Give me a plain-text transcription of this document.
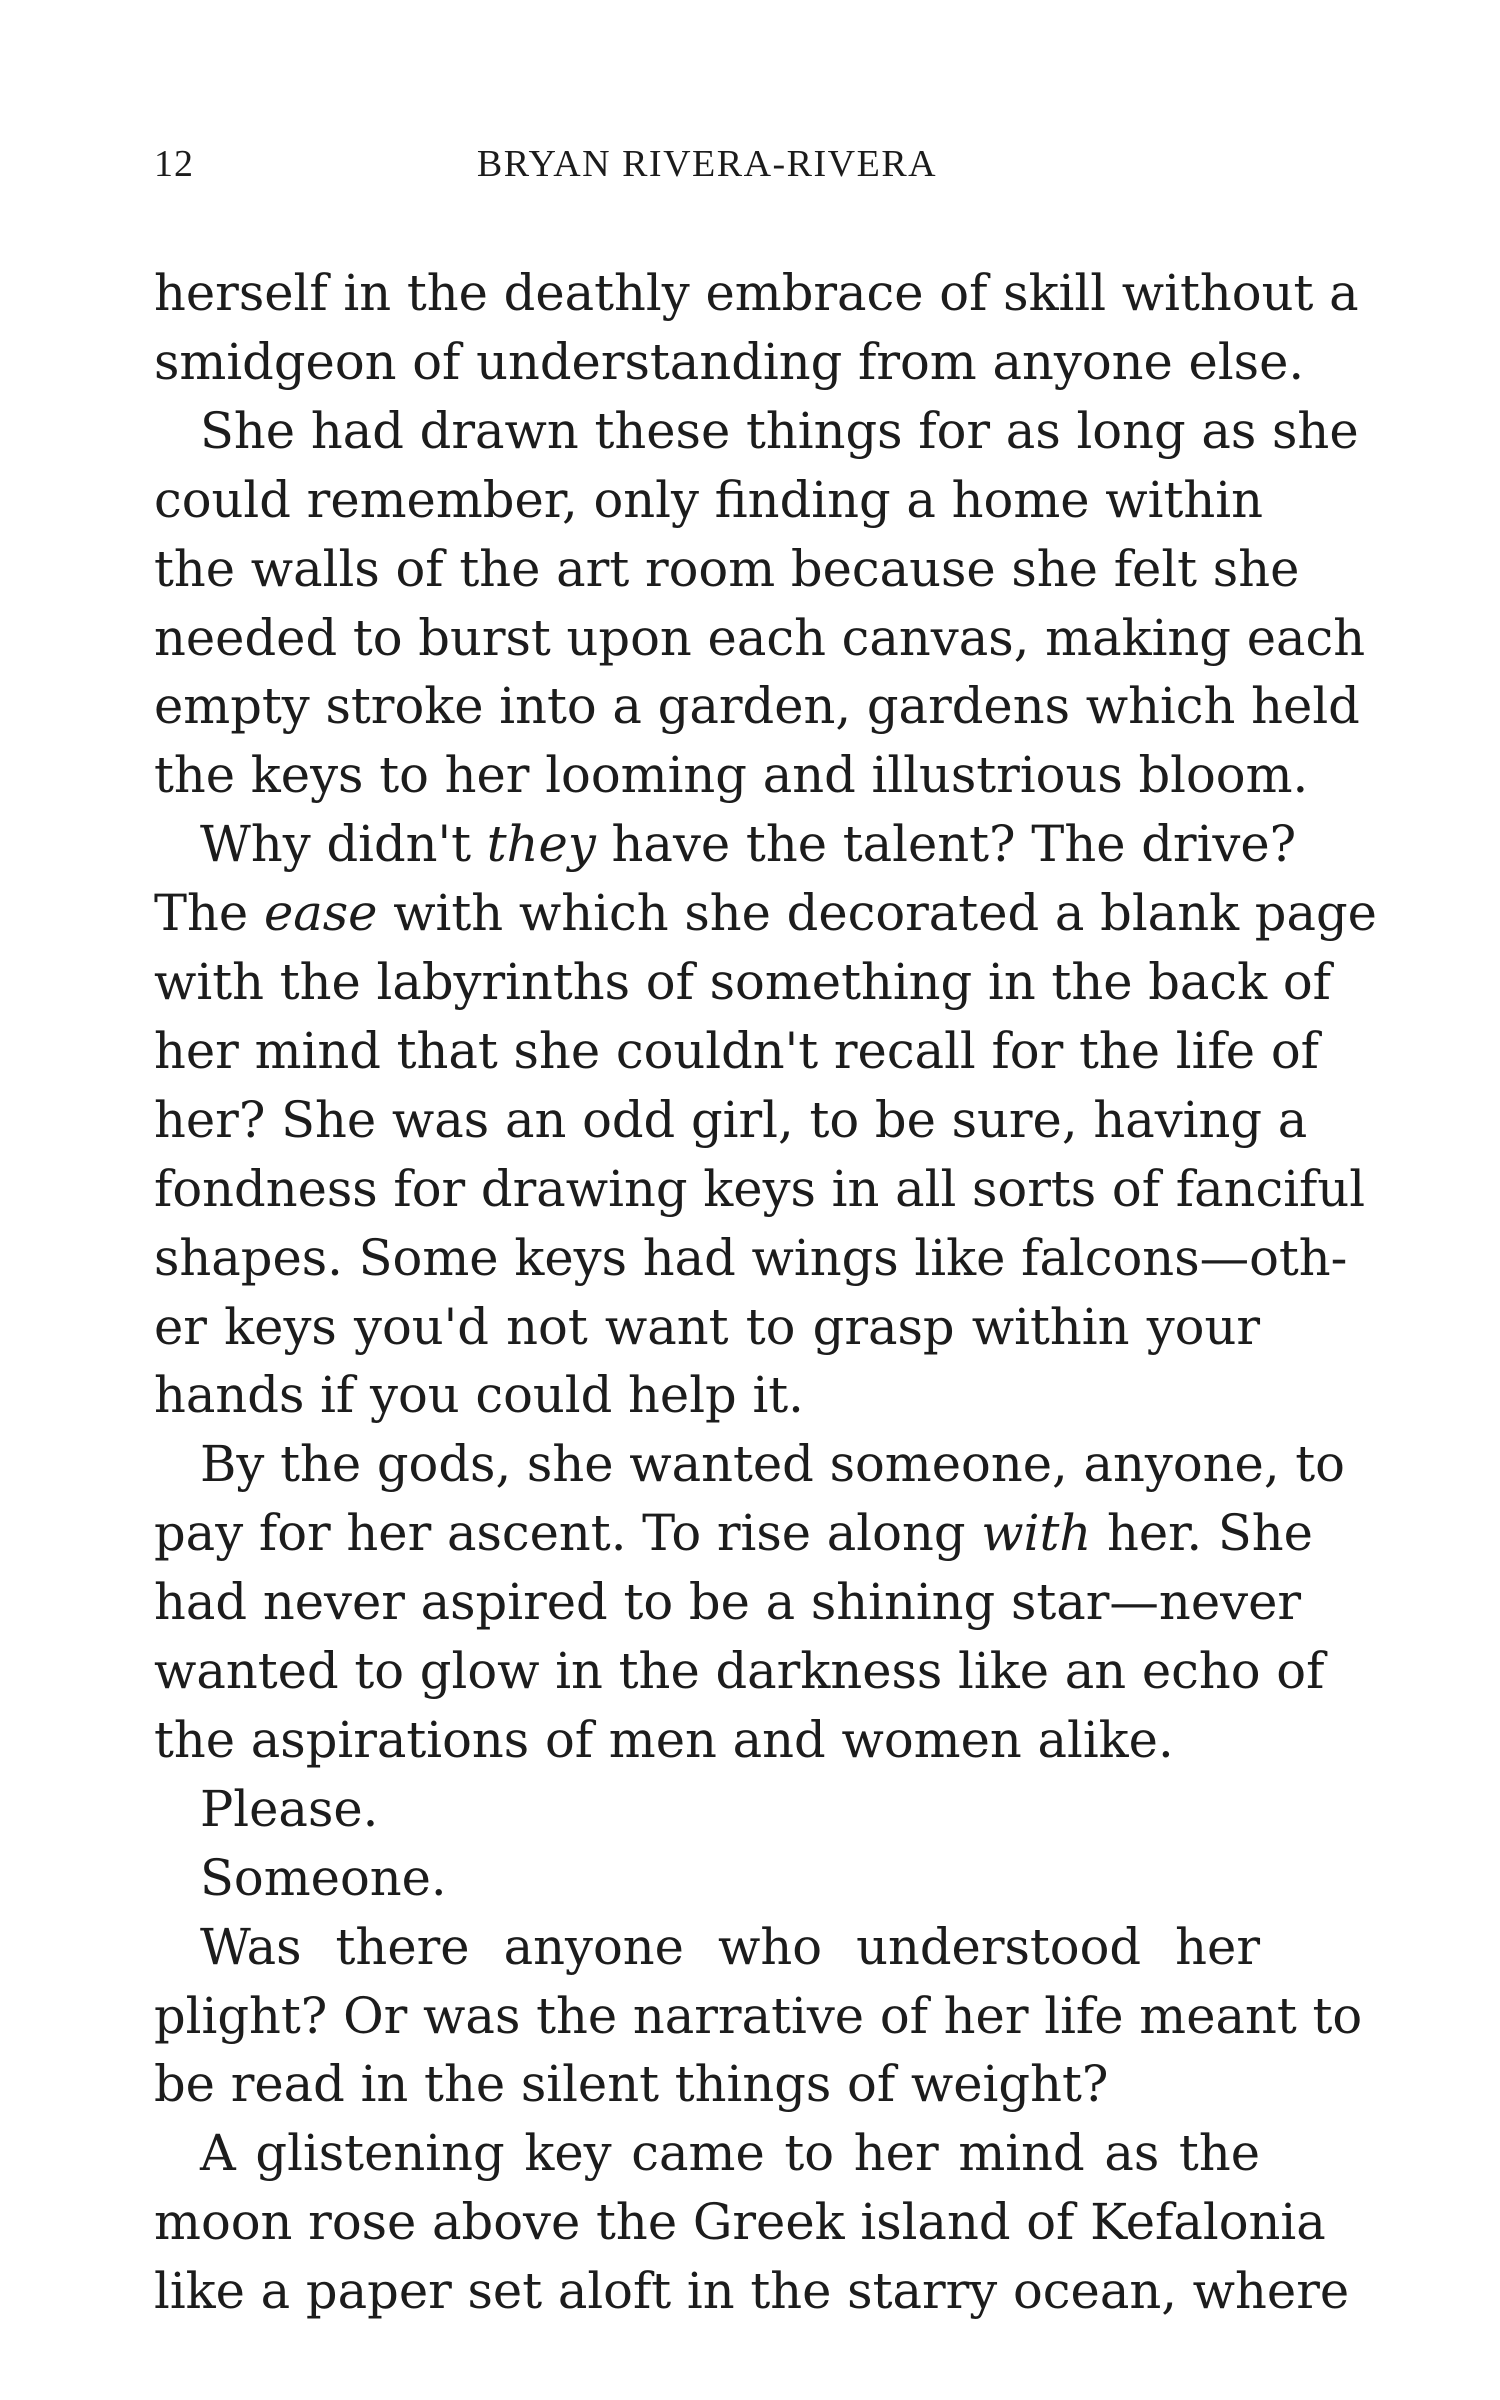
12	BRYAN RIVERA-RIVERA
herself in the deathly embrace of skill without a
smidgeon of understanding from anyone else.
She had drawn these things for as long as she
could remember, only finding a home within
the walls of the art room because she felt she
needed to burst upon each canvas, making each
empty stroke into a garden, gardens which held
the keys to her looming and illustrious bloom.
Why didn't they have the talent? The drive?
The ease with which she decorated a blank page
with the labyrinths of something in the back of
her mind that she couldn't recall for the life of
her? She was an odd girl, to be sure, having a
fondness for drawing keys in all sorts of fanciful
shapes. Some keys had wings like falcons—oth-
er keys you'd not want to grasp within your
hands if you could help it.
By the gods, she wanted someone, anyone, to
pay for her ascent. To rise along with her. She
had never aspired to be a shining star—never
wanted to glow in the darkness like an echo of
the aspirations of men and women alike.
Please.
Someone.
Was there anyone who understood her
plight? Or was the narrative of her life meant to
be read in the silent things of weight?
A glistening key came to her mind as the
moon rose above the Greek island of Kefalonia
like a paper set aloft in the starry ocean, where
